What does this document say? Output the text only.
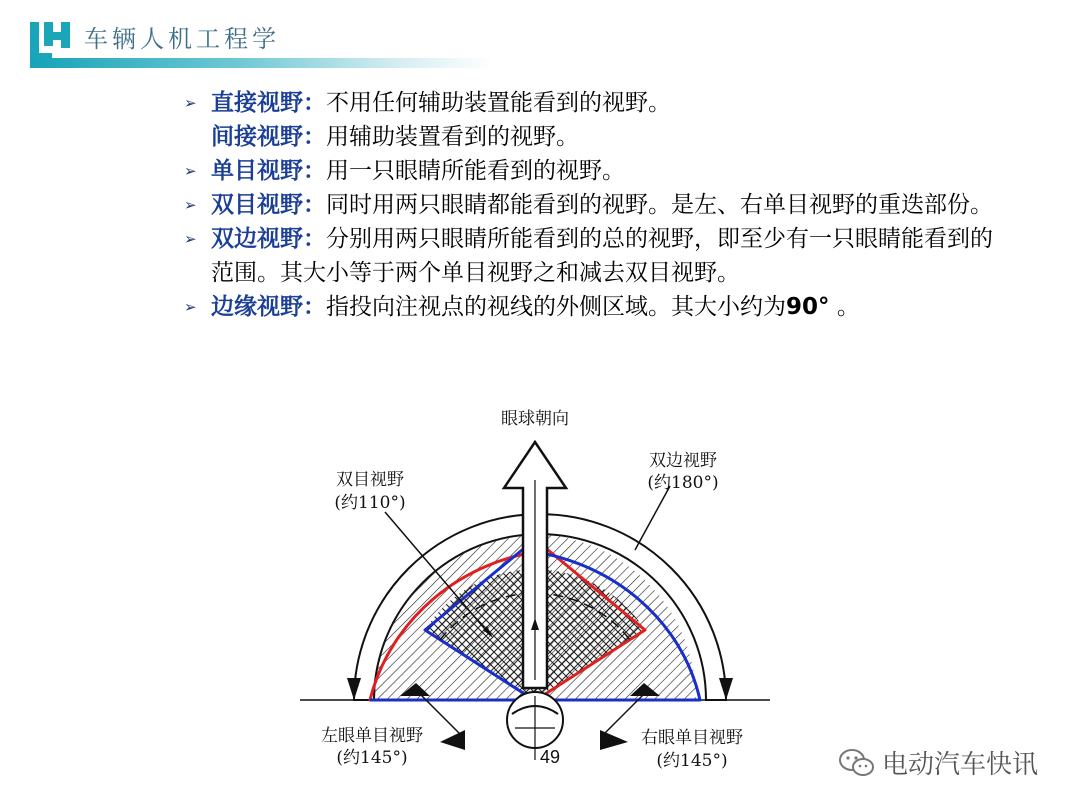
车辆人机工程学
➢ 直接视野：不用任何辅助装置能看到的视野。
间接视野：用辅助装置看到的视野。
➢ 单目视野：用一只眼睛所能看到的视野。
➢ 双目视野：同时用两只眼睛都能看到的视野。是左、右单目视野的重迭部份。
➢ 双边视野：分别用两只眼睛所能看到的总的视野，即至少有一只眼睛能看到的范围。其大小等于两个单目视野之和减去双目视野。
➢ 边缘视野：指投向注视点的视线的外侧区域。其大小约为90° 。
眼球朝向
双目视野
(约110°)
双边视野
(约180°)
左眼单目视野
(约145°)
右眼单目视野
(约145°)
49	电动汽车快讯
